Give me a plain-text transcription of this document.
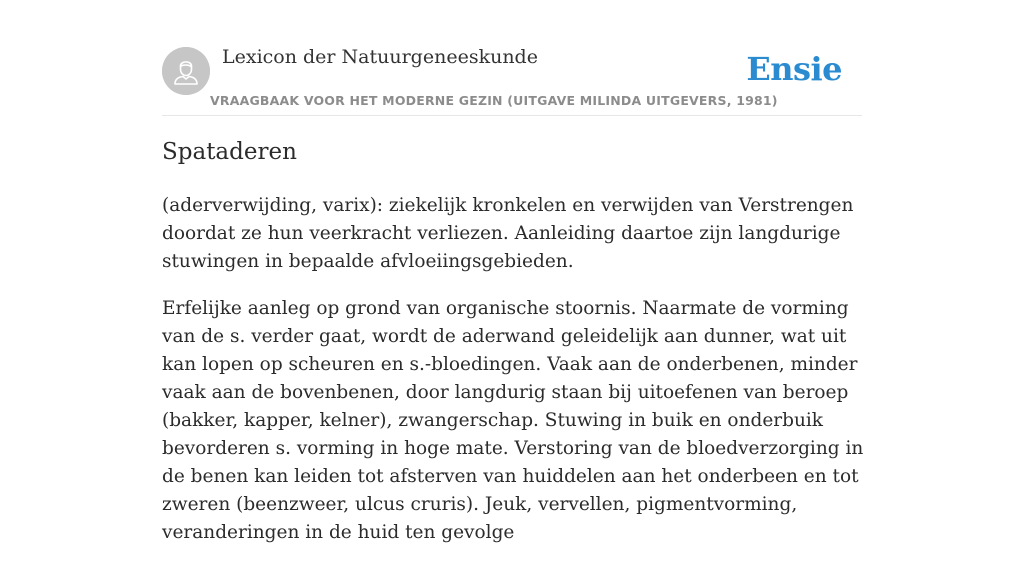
Lexicon der Natuurgeneeskunde
VRAAGBAAK VOOR HET MODERNE GEZIN (UITGAVE MILINDA UITGEVERS, 1981)
Ensie
Spataderen

(aderverwijding, varix): ziekelijk kronkelen en verwijden van Verstrengen doordat ze hun veerkracht verliezen. Aanleiding daartoe zijn langdurige stuwingen in bepaalde afvloeiingsgebieden.

Erfelijke aanleg op grond van organische stoornis. Naarmate de vorming van de s. verder gaat, wordt de aderwand geleidelijk aan dunner, wat uit kan lopen op scheuren en s.-bloedingen. Vaak aan de onderbenen, minder vaak aan de bovenbenen, door langdurig staan bij uitoefenen van beroep (bakker, kapper, kelner), zwangerschap. Stuwing in buik en onderbuik bevorderen s. vorming in hoge mate. Verstoring van de bloedverzorging in de benen kan leiden tot afsterven van huiddelen aan het onderbeen en tot zweren (beenzweer, ulcus cruris). Jeuk, vervellen, pigmentvorming, veranderingen in de huid ten gevolge
